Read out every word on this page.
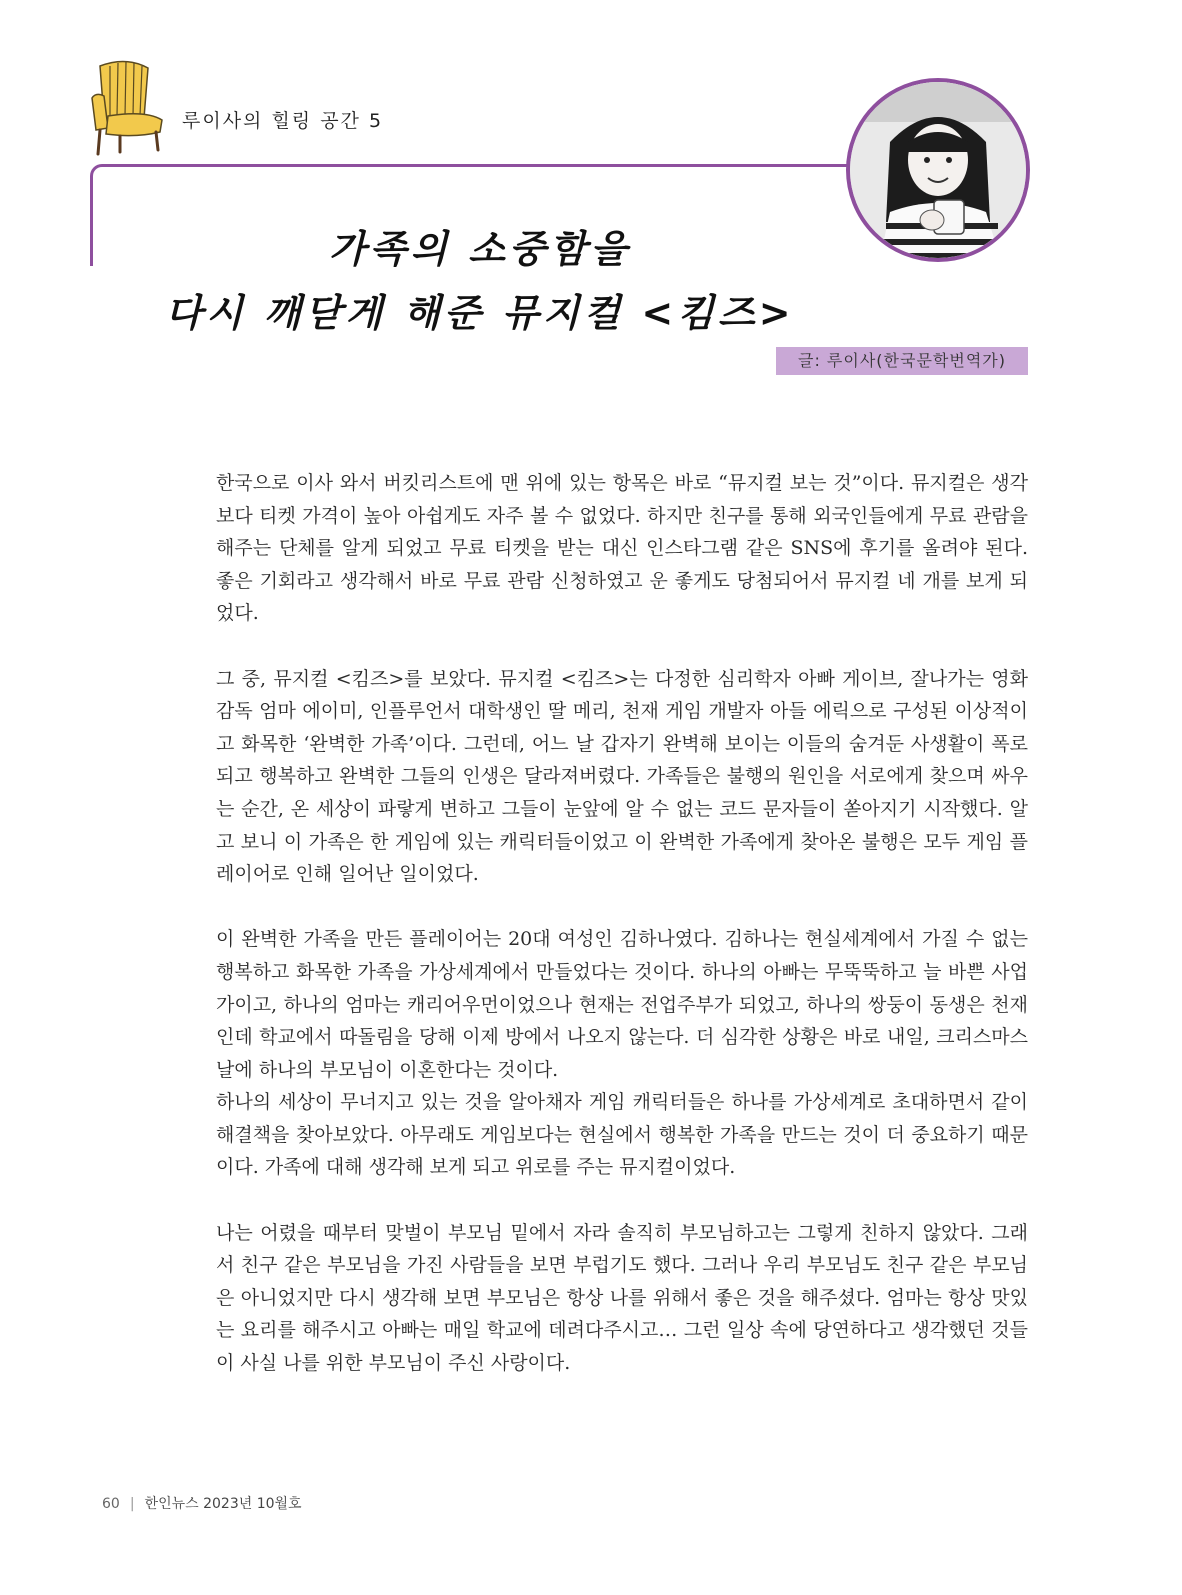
루이사의 힐링 공간 5
가족의 소중함을
다시 깨닫게 해준 뮤지컬 <킴즈>
글: 루이사(한국문학번역가)

한국으로 이사 와서 버킷리스트에 맨 위에 있는 항목은 바로 “뮤지컬 보는 것”이다. 뮤지컬은 생각보다 티켓 가격이 높아 아쉽게도 자주 볼 수 없었다. 하지만 친구를 통해 외국인들에게 무료 관람을 해주는 단체를 알게 되었고 무료 티켓을 받는 대신 인스타그램 같은 SNS에 후기를 올려야 된다. 좋은 기회라고 생각해서 바로 무료 관람 신청하였고 운 좋게도 당첨되어서 뮤지컬 네 개를 보게 되었다.

그 중, 뮤지컬 <킴즈>를 보았다. 뮤지컬 <킴즈>는 다정한 심리학자 아빠 게이브, 잘나가는 영화감독 엄마 에이미, 인플루언서 대학생인 딸 메리, 천재 게임 개발자 아들 에릭으로 구성된 이상적이고 화목한 ‘완벽한 가족’이다. 그런데, 어느 날 갑자기 완벽해 보이는 이들의 숨겨둔 사생활이 폭로되고 행복하고 완벽한 그들의 인생은 달라져버렸다. 가족들은 불행의 원인을 서로에게 찾으며 싸우는 순간, 온 세상이 파랗게 변하고 그들이 눈앞에 알 수 없는 코드 문자들이 쏟아지기 시작했다. 알고 보니 이 가족은 한 게임에 있는 캐릭터들이었고 이 완벽한 가족에게 찾아온 불행은 모두 게임 플레이어로 인해 일어난 일이었다.

이 완벽한 가족을 만든 플레이어는 20대 여성인 김하나였다. 김하나는 현실세계에서 가질 수 없는 행복하고 화목한 가족을 가상세계에서 만들었다는 것이다. 하나의 아빠는 무뚝뚝하고 늘 바쁜 사업가이고, 하나의 엄마는 캐리어우먼이었으나 현재는 전업주부가 되었고, 하나의 쌍둥이 동생은 천재인데 학교에서 따돌림을 당해 이제 방에서 나오지 않는다. 더 심각한 상황은 바로 내일, 크리스마스 날에 하나의 부모님이 이혼한다는 것이다.

하나의 세상이 무너지고 있는 것을 알아채자 게임 캐릭터들은 하나를 가상세계로 초대하면서 같이 해결책을 찾아보았다. 아무래도 게임보다는 현실에서 행복한 가족을 만드는 것이 더 중요하기 때문이다. 가족에 대해 생각해 보게 되고 위로를 주는 뮤지컬이었다.

나는 어렸을 때부터 맞벌이 부모님 밑에서 자라 솔직히 부모님하고는 그렇게 친하지 않았다. 그래서 친구 같은 부모님을 가진 사람들을 보면 부럽기도 했다. 그러나 우리 부모님도 친구 같은 부모님은 아니었지만 다시 생각해 보면 부모님은 항상 나를 위해서 좋은 것을 해주셨다. 엄마는 항상 맛있는 요리를 해주시고 아빠는 매일 학교에 데려다주시고… 그런 일상 속에 당연하다고 생각했던 것들이 사실 나를 위한 부모님이 주신 사랑이다.

60 | 한인뉴스 2023년 10월호
